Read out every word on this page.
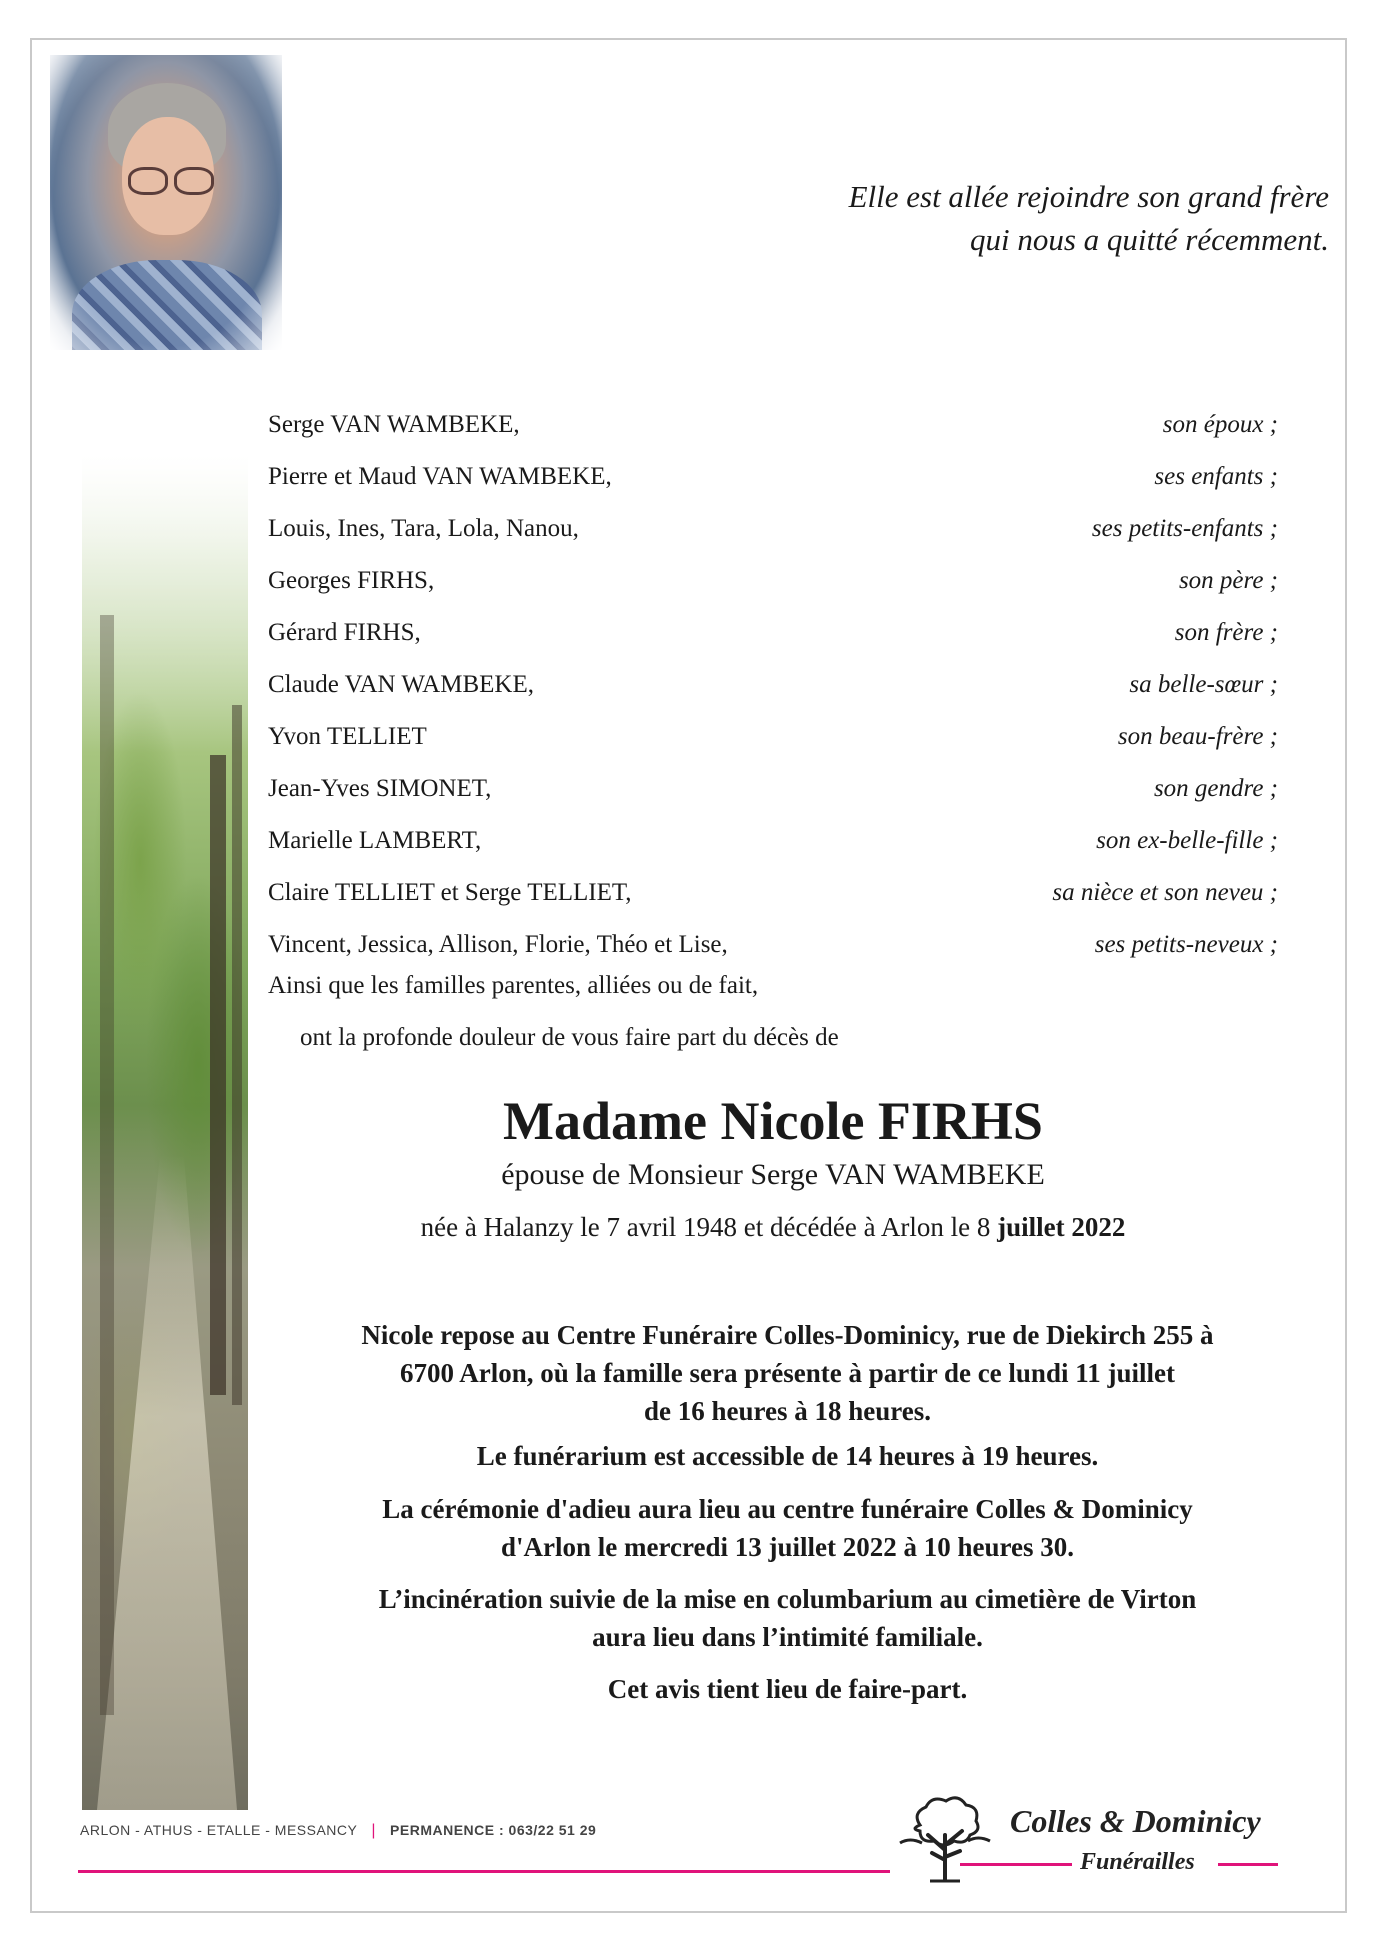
Elle est allée rejoindre son grand frère
qui nous a quitté récemment.
Serge VAN WAMBEKE,	son époux ;
Pierre et Maud VAN WAMBEKE,	ses enfants ;
Louis, Ines, Tara, Lola, Nanou,	ses petits-enfants ;
Georges FIRHS,	son père ;
Gérard FIRHS,	son frère ;
Claude VAN WAMBEKE,	sa belle-sœur ;
Yvon TELLIET	son beau-frère ;
Jean-Yves SIMONET,	son gendre ;
Marielle LAMBERT,	son ex-belle-fille ;
Claire TELLIET et Serge TELLIET,	sa nièce et son neveu ;
Vincent, Jessica, Allison, Florie, Théo et Lise,	ses petits-neveux ;
Ainsi que les familles parentes, alliées ou de fait,
ont la profonde douleur de vous faire part du décès de
Madame Nicole FIRHS
épouse de Monsieur Serge VAN WAMBEKE
née à Halanzy le 7 avril 1948 et décédée à Arlon le 8 juillet 2022
Nicole repose au Centre Funéraire Colles-Dominicy, rue de Diekirch 255 à
6700 Arlon, où la famille sera présente à partir de ce lundi 11 juillet
de 16 heures à 18 heures.
Le funérarium est accessible de 14 heures à 19 heures.
La cérémonie d'adieu aura lieu au centre funéraire Colles & Dominicy
d'Arlon le mercredi 13 juillet 2022 à 10 heures 30.
L’incinération suivie de la mise en columbarium au cimetière de Virton
aura lieu dans l’intimité familiale.
Cet avis tient lieu de faire-part.
ARLON - ATHUS - ETALLE - MESSANCY | PERMANENCE : 063/22 51 29	Colles & Dominicy
Funérailles
